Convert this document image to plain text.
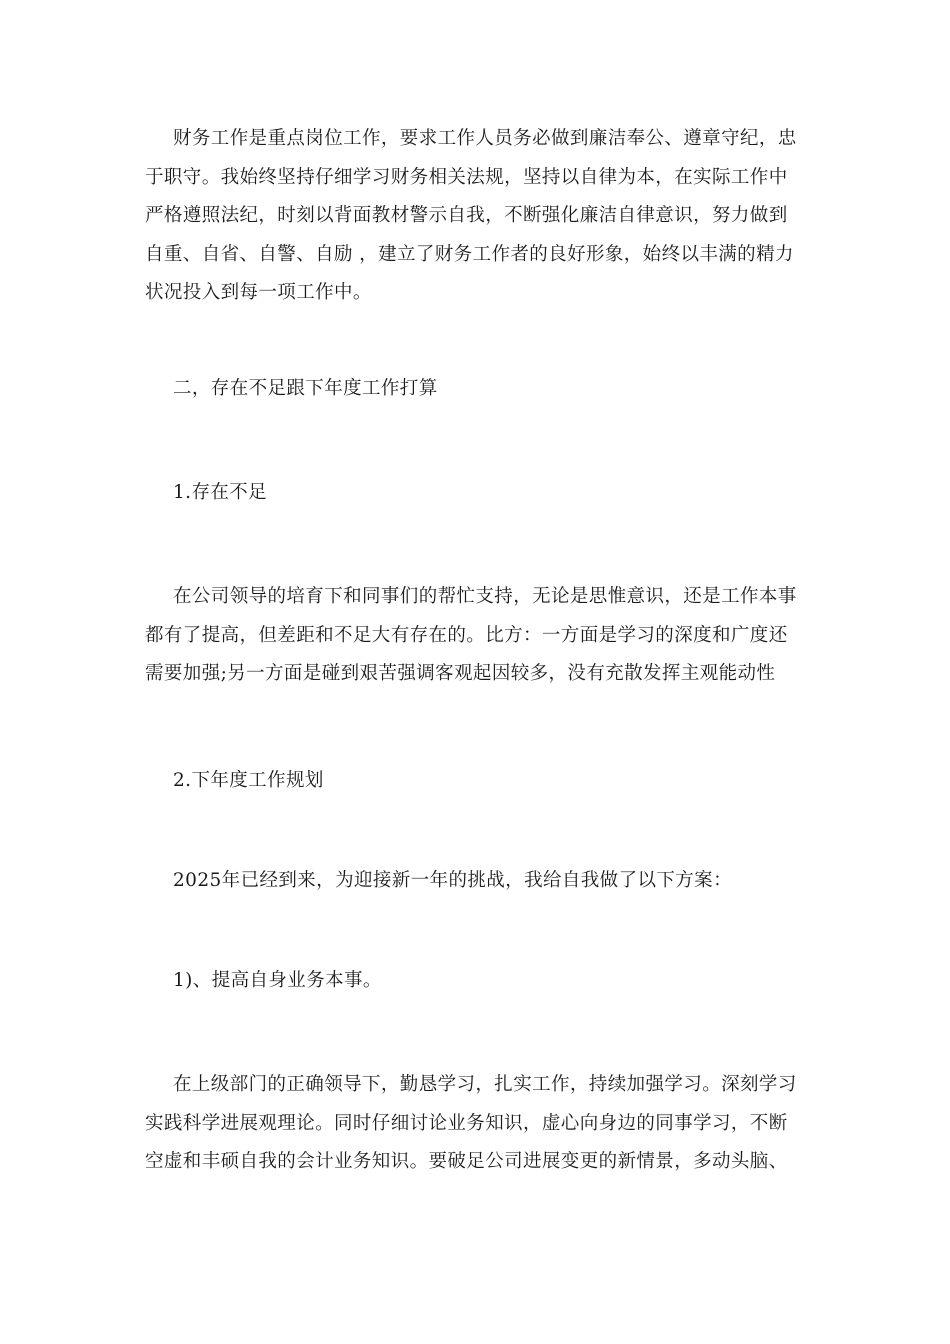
财务工作是重点岗位工作，要求工作人员务必做到廉洁奉公、遵章守纪，忠
于职守。我始终坚持仔细学习财务相关法规，坚持以自律为本，在实际工作中
严格遵照法纪，时刻以背面教材警示自我，不断强化廉洁自律意识，努力做到
自重、自省、自警、自励 ，建立了财务工作者的良好形象，始终以丰满的精力
状况投入到每一项工作中。
二，存在不足跟下年度工作打算
1.存在不足
在公司领导的培育下和同事们的帮忙支持，无论是思惟意识，还是工作本事
都有了提高，但差距和不足大有存在的。比方：一方面是学习的深度和广度还
需要加强;另一方面是碰到艰苦强调客观起因较多，没有充散发挥主观能动性
2.下年度工作规划
2025年已经到来，为迎接新一年的挑战，我给自我做了以下方案：
1)、提高自身业务本事。
在上级部门的正确领导下，勤恳学习，扎实工作，持续加强学习。深刻学习
实践科学进展观理论。同时仔细讨论业务知识，虚心向身边的同事学习，不断
空虚和丰硕自我的会计业务知识。要破足公司进展变更的新情景，多动头脑、
